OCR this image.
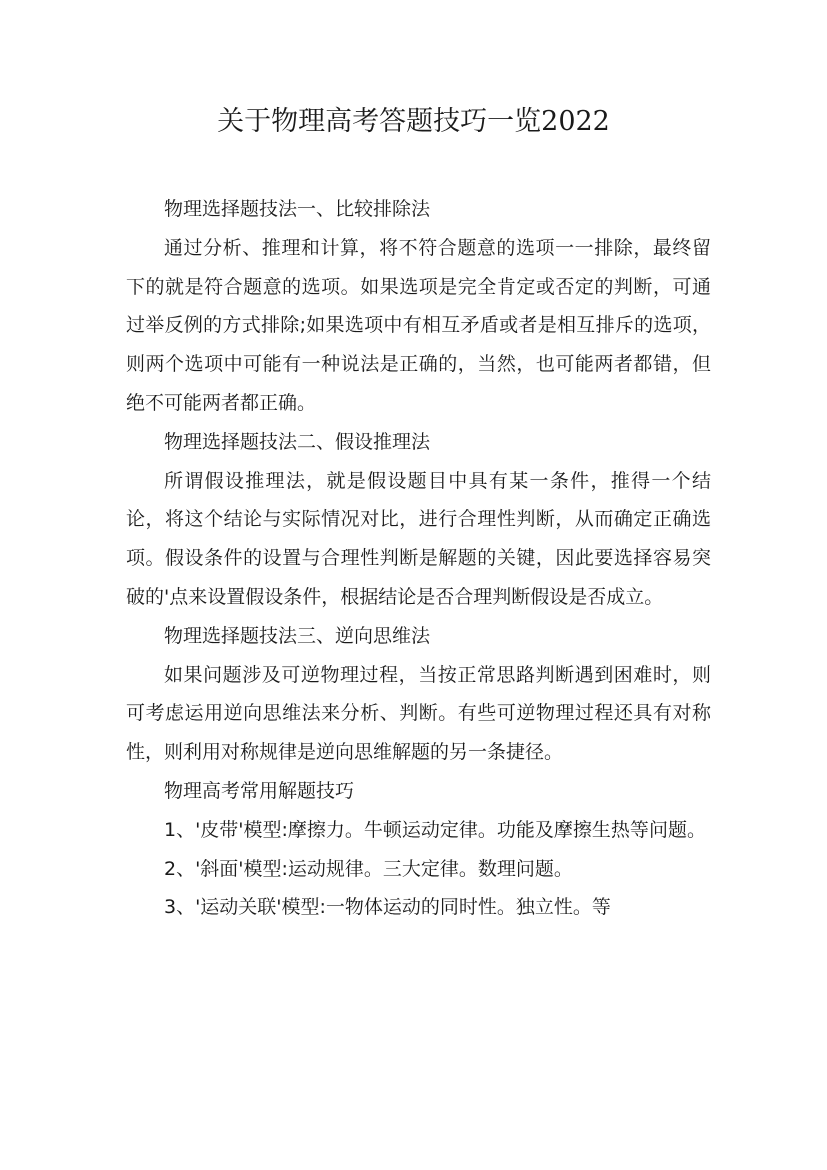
关于物理高考答题技巧一览2022

物理选择题技法一、比较排除法

通过分析、推理和计算，将不符合题意的选项一一排除，最终留下的就是符合题意的选项。如果选项是完全肯定或否定的判断，可通过举反例的方式排除;如果选项中有相互矛盾或者是相互排斥的选项，则两个选项中可能有一种说法是正确的，当然，也可能两者都错，但绝不可能两者都正确。

物理选择题技法二、假设推理法

所谓假设推理法，就是假设题目中具有某一条件，推得一个结论，将这个结论与实际情况对比，进行合理性判断，从而确定正确选项。假设条件的设置与合理性判断是解题的关键，因此要选择容易突破的'点来设置假设条件，根据结论是否合理判断假设是否成立。

物理选择题技法三、逆向思维法

如果问题涉及可逆物理过程，当按正常思路判断遇到困难时，则可考虑运用逆向思维法来分析、判断。有些可逆物理过程还具有对称性，则利用对称规律是逆向思维解题的另一条捷径。

物理高考常用解题技巧

1、'皮带'模型:摩擦力。牛顿运动定律。功能及摩擦生热等问题。

2、'斜面'模型:运动规律。三大定律。数理问题。

3、'运动关联'模型:一物体运动的同时性。独立性。等
